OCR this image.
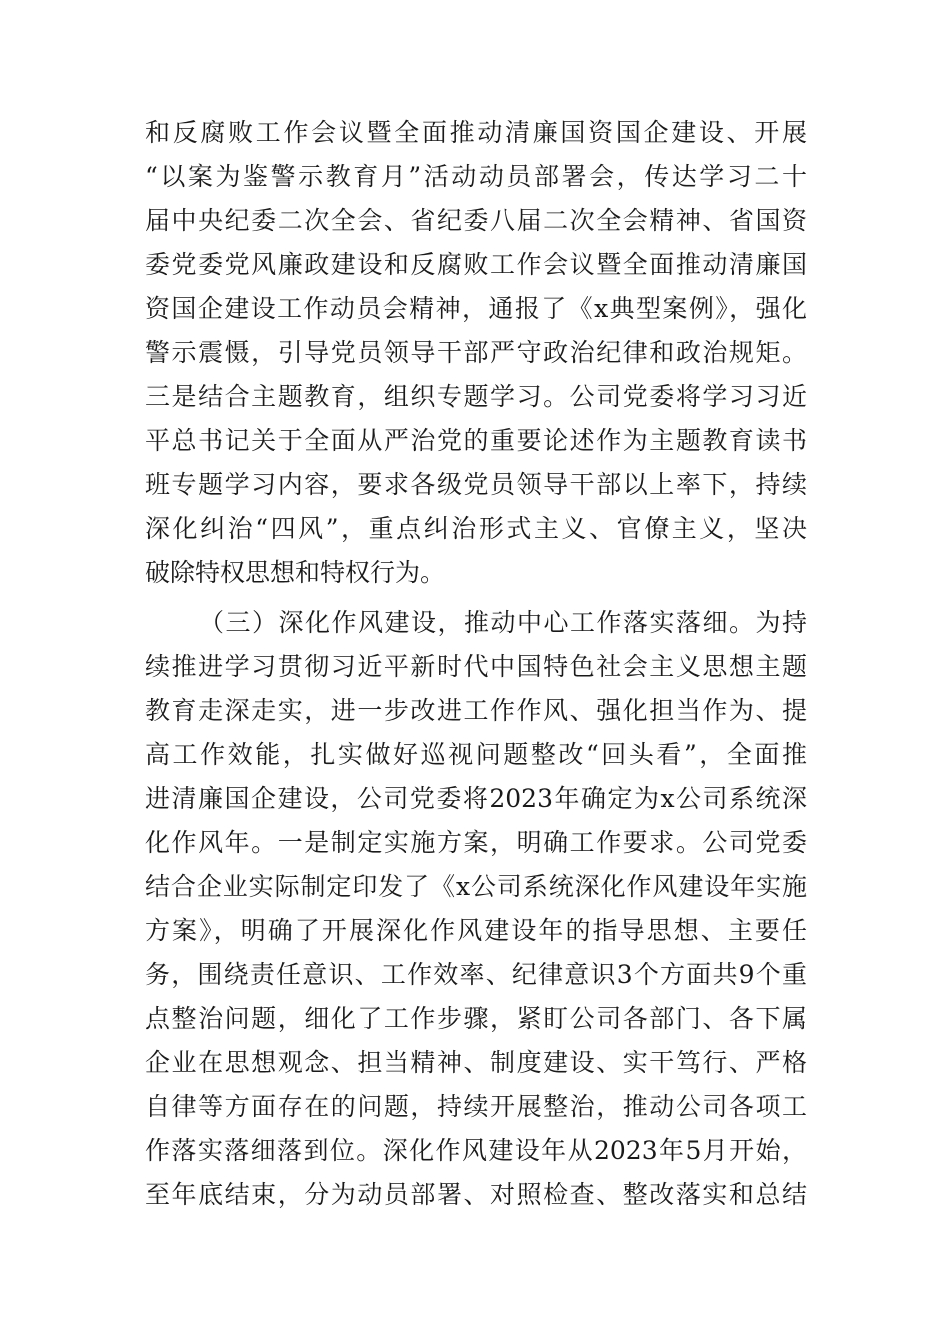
和反腐败工作会议暨全面推动清廉国资国企建设、开展
“以案为鉴警示教育月”活动动员部署会，传达学习二十
届中央纪委二次全会、省纪委八届二次全会精神、省国资
委党委党风廉政建设和反腐败工作会议暨全面推动清廉国
资国企建设工作动员会精神，通报了《x典型案例》，强化
警示震慑，引导党员领导干部严守政治纪律和政治规矩。
三是结合主题教育，组织专题学习。公司党委将学习习近
平总书记关于全面从严治党的重要论述作为主题教育读书
班专题学习内容，要求各级党员领导干部以上率下，持续
深化纠治“四风”，重点纠治形式主义、官僚主义，坚决
破除特权思想和特权行为。
（三）深化作风建设，推动中心工作落实落细。为持
续推进学习贯彻习近平新时代中国特色社会主义思想主题
教育走深走实，进一步改进工作作风、强化担当作为、提
高工作效能，扎实做好巡视问题整改“回头看”，全面推
进清廉国企建设，公司党委将2023年确定为x公司系统深
化作风年。一是制定实施方案，明确工作要求。公司党委
结合企业实际制定印发了《x公司系统深化作风建设年实施
方案》，明确了开展深化作风建设年的指导思想、主要任
务，围绕责任意识、工作效率、纪律意识3个方面共9个重
点整治问题，细化了工作步骤，紧盯公司各部门、各下属
企业在思想观念、担当精神、制度建设、实干笃行、严格
自律等方面存在的问题，持续开展整治，推动公司各项工
作落实落细落到位。深化作风建设年从2023年5月开始，
至年底结束，分为动员部署、对照检查、整改落实和总结
